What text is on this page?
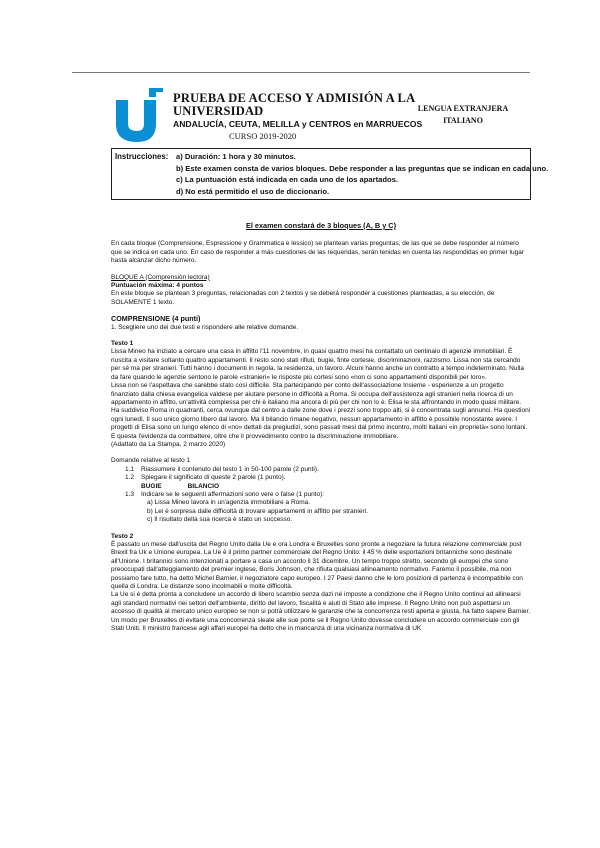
PRUEBA DE ACCESO Y ADMISIÓN A LA
UNIVERSIDAD
ANDALUCÍA, CEUTA, MELILLA y CENTROS en MARRUECOS
CURSO 2019-2020
LENGUA EXTRANJERA
ITALIANO
Instrucciones: a) Duración: 1 hora y 30 minutos.
b) Este examen consta de varios bloques. Debe responder a las preguntas que se indican en cada uno.
c) La puntuación está indicada en cada uno de los apartados.
d) No está permitido el uso de diccionario.

El examen constará de 3 bloques (A, B y C)

En cada bloque (Comprensione, Espressione y Grammatica e lessico) se plantean varias preguntas, de las que se debe responder al número que se indica en cada uno. En caso de responder a más cuestiones de las requeridas, serán tenidas en cuenta las respondidas en primer lugar hasta alcanzar dicho número.

BLOQUE A (Comprensión lectora)

Puntuación máxima: 4 puntos

En este bloque se plantean 3 preguntas, relacionadas con 2 textos y se deberá responder a cuestiones planteadas, a su elección, de SOLAMENTE 1 texto.

COMPRENSIONE (4 punti)

1. Scegliere uno dei due testi e rispondere alle relative domande.

Testo 1

Lissa Mineo ha iniziato a cercare una casa in affitto l'11 novembre, in quasi quattro mesi ha contattato un centinaio di agenzie immobiliari. È riuscita a visitare soltanto quattro appartamenti. Il resto sono stati rifiuti, bugie, finte cortesie, discriminazioni, razzismo. Lissa non sta cercando per sé ma per stranieri. Tutti hanno i documenti in regola, la residenza, un lavoro. Alcuni hanno anche un contratto a tempo indeterminato. Nulla da fare quando le agenzie sentono le parole «stranieri» le risposte più cortesi sono «non ci sono appartamenti disponibili per loro».

Lissa non se l'aspettava che sarebbe stato così difficile. Sta partecipando per conto dell'associazione Insieme - esperienze a un progetto finanziato dalla chiesa evangelica valdese per aiutare persone in difficoltà a Roma. Si occupa dell'assistenza agli stranieri nella ricerca di un appartamento in affitto, un'attività complessa per chi è italiano ma ancora di più per chi non lo è. Elisa le sta affrontando in modo quasi militare. Ha suddiviso Roma in quadranti, cerca ovunque dal centro a dalle zone dove i prezzi sono troppo alti, si è concentrata sugli annunci. Ha questioni ogni lunedì. Il suo unico giorno libero dal lavoro. Ma il bilancio rimane negativo, nessun appartamento in affitto è possibile nonostante avere. I progetti di Elisa sono un lungo elenco di «no» dettati da pregiudizi, sono passati mesi dal primo incontro, molti italiani «in proprietà» sono lontani. E questa l'evidenza da combattere, oltre che il provvedimento contro la discriminazione immobiliare.

(Adattato da La Stampa, 2 marzo 2020)

Domande relative al testo 1

1.1	Riassumere il contenuto del testo 1 in 50-100 parole (2 punti).
1.2	Spiegare il significato di queste 2 parole (1 punto).
BUGIE	BILANCIO
1.3	Indicare se le seguenti affermazioni sono vere o false (1 punto):

a) Lissa Mineo lavora in un'agenzia immobiliare a Roma.

b) Lei è sorpresa dalle difficoltà di trovare appartamenti in affitto per stranieri.

c) Il risultato della sua ricerca è stato un successo.

Testo 2

È passato un mese dall'uscita del Regno Unito dalla Ue e ora Londra e Bruxelles sono pronte a negoziare la futura relazione commerciale post Brexit fra Uk e Unione europea. La Ue è il primo partner commerciale del Regno Unito: il 45 % delle esportazioni britanniche sono destinate all'Unione. I britannici sono intenzionati a portare a casa un accordo il 31 dicembre. Un tempo troppo stretto, secondo gli europei che sono preoccupati dall'atteggiamento del premier inglese, Boris Johnson, che rifiuta qualsiasi allineamento normativo. Faremo il possibile, ma non possiamo fare tutto, ha detto Michel Barnier, il negoziatore capo europeo. I 27 Paesi danno che le loro posizioni di partenza è incompatibile con quella di Londra. Le distanze sono incolmabili e molte difficoltà.

La Ue si è detta pronta a concludere un accordo di libero scambio senza dazi né imposte a condizione che il Regno Unito continui ad allinearsi agli standard normativi nei settori dell'ambiente, diritto del lavoro, fiscalità e aiuti di Stato alle imprese. Il Regno Unito non può aspettarsi un accesso di qualità al mercato unico europeo se non si potrà utilizzare le garanzie che la concorrenza resti aperta e giusta, ha fatto sapere Barnier. Un modo per Bruxelles di evitare una concorrenza sleale alle sue porte se il Regno Unito dovesse concludere un accordo commerciale con gli Stati Uniti. Il ministro francese agli affari europei ha detto che in mancanza di una vicinanza normativa di UK
